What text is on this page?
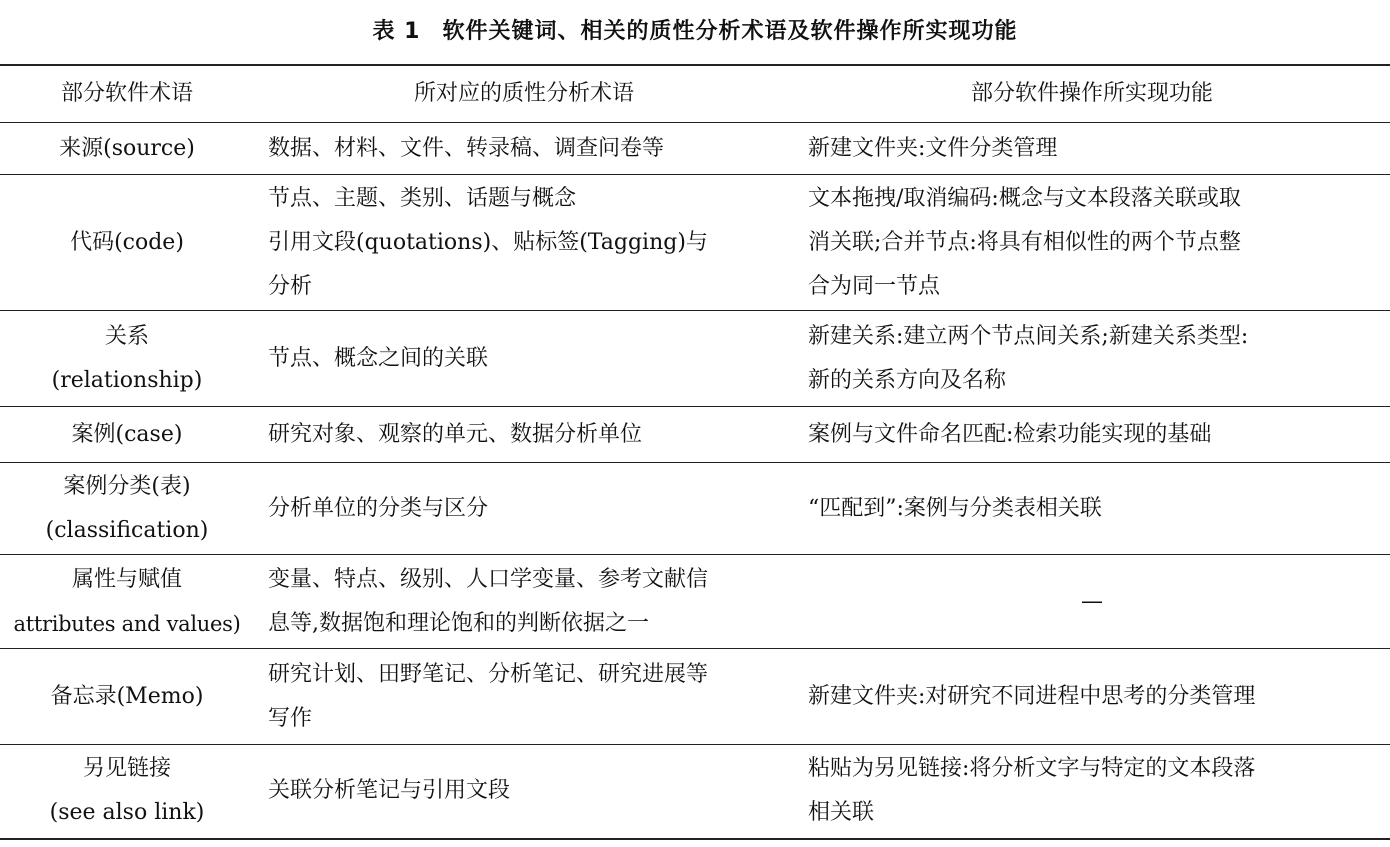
表 1 软件关键词、相关的质性分析术语及软件操作所实现功能
部分软件术语	所对应的质性分析术语	部分软件操作所实现功能

来源(source)	数据、材料、文件、转录稿、调查问卷等	新建文件夹:文件分类管理

代码(code)	节点、主题、类别、话题与概念
引用文段(quotations)、贴标签(Tagging)与
分析	文本拖拽/取消编码:概念与文本段落关联或取
消关联;合并节点:将具有相似性的两个节点整
合为同一节点

关系
(relationship)	节点、概念之间的关联	新建关系:建立两个节点间关系;新建关系类型:
新的关系方向及名称

案例(case)	研究对象、观察的单元、数据分析单位	案例与文件命名匹配:检索功能实现的基础

案例分类(表)
(classification)	分析单位的分类与区分	“匹配到”:案例与分类表相关联

属性与赋值
attributes and values)	变量、特点、级别、人口学变量、参考文献信
息等,数据饱和理论饱和的判断依据之一	—

备忘录(Memo)	研究计划、田野笔记、分析笔记、研究进展等
写作	新建文件夹:对研究不同进程中思考的分类管理

另见链接
(see also link)	关联分析笔记与引用文段	粘贴为另见链接:将分析文字与特定的文本段落
相关联
